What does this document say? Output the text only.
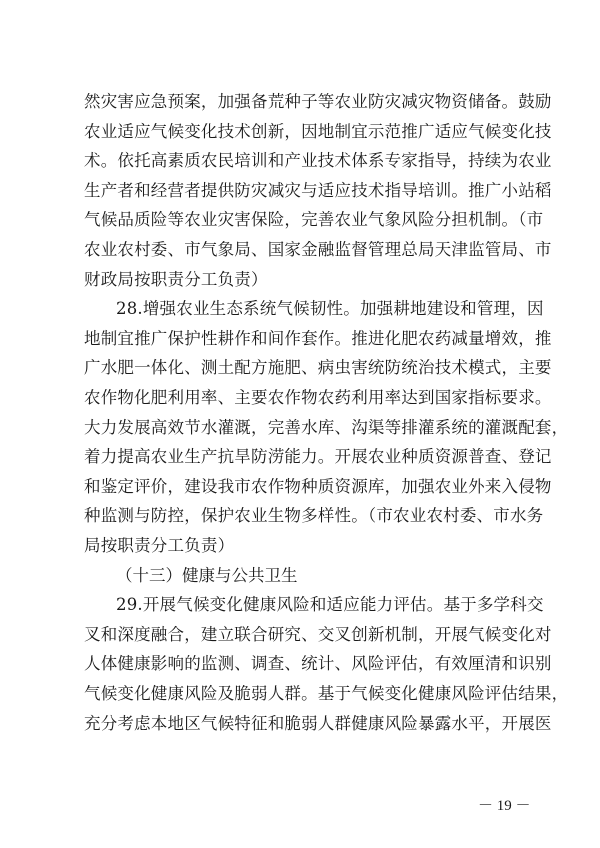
然灾害应急预案，加强备荒种子等农业防灾减灾物资储备。鼓励
农业适应气候变化技术创新，因地制宜示范推广适应气候变化技
术。依托高素质农民培训和产业技术体系专家指导，持续为农业
生产者和经营者提供防灾减灾与适应技术指导培训。推广小站稻
气候品质险等农业灾害保险，完善农业气象风险分担机制。（市
农业农村委、市气象局、国家金融监督管理总局天津监管局、市
财政局按职责分工负责）
28.增强农业生态系统气候韧性。加强耕地建设和管理，因
地制宜推广保护性耕作和间作套作。推进化肥农药减量增效，推
广水肥一体化、测土配方施肥、病虫害统防统治技术模式，主要
农作物化肥利用率、主要农作物农药利用率达到国家指标要求。
大力发展高效节水灌溉，完善水库、沟渠等排灌系统的灌溉配套，
着力提高农业生产抗旱防涝能力。开展农业种质资源普查、登记
和鉴定评价，建设我市农作物种质资源库，加强农业外来入侵物
种监测与防控，保护农业生物多样性。（市农业农村委、市水务
局按职责分工负责）
（十三）健康与公共卫生
29.开展气候变化健康风险和适应能力评估。基于多学科交
叉和深度融合，建立联合研究、交叉创新机制，开展气候变化对
人体健康影响的监测、调查、统计、风险评估，有效厘清和识别
－ 19 －
气候变化健康风险及脆弱人群。基于气候变化健康风险评估结果，
充分考虑本地区气候特征和脆弱人群健康风险暴露水平，开展医
